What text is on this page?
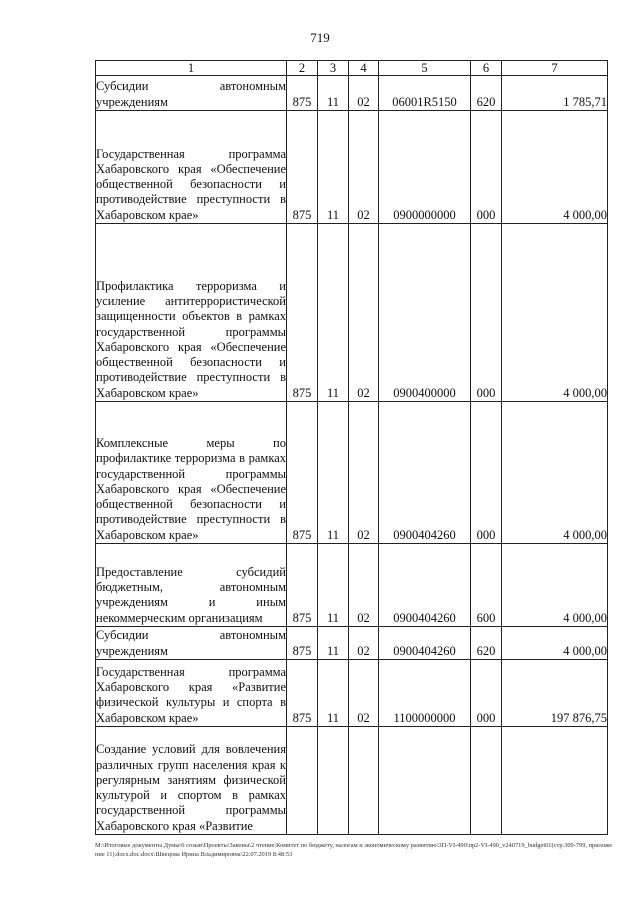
719
1	2	3	4	5	6	7
Субсидии автономным учреждениям	875	11	02	06001R5150	620	1 785,71
Государственная программа Хабаровского края «Обеспечение общественной безопасности и противодействие преступности в Хабаровском крае»	875	11	02	0900000000	000	4 000,00
Профилактика терроризма и усиление антитеррористической защищенности объектов в рамках государственной программы Хабаровского края «Обеспечение общественной безопасности и противодействие преступности в Хабаровском крае»	875	11	02	0900400000	000	4 000,00
Комплексные меры по профилактике терроризма в рамках государственной программы Хабаровского края «Обеспечение общественной безопасности и противодействие преступности в Хабаровском крае»	875	11	02	0900404260	000	4 000,00
Предоставление субсидий бюджетным, автономным учреждениям и иным некоммерческим организациям	875	11	02	0900404260	600	4 000,00
Субсидии автономным учреждениям	875	11	02	0900404260	620	4 000,00
Государственная программа Хабаровского края «Развитие физической культуры и спорта в Хабаровском крае»	875	11	02	1100000000	000	197 876,75
Создание условий для вовлечения различных групп населения края к регулярным занятиям физической культурой и спортом в рамках государственной программы Хабаровского края «Развитие						
M:\Итоговые документы Думы\6 созыв\Проекты\Законы\2 чтение\Комитет по бюджету, налогам и экономическому развитию\3П-VI-490\пр2-VI-490_v240719_budget01(стр.309-799, приложение 11).docx.doc.docx\Швецова Ирина Владимировна\22.07.2019 8:48:53
